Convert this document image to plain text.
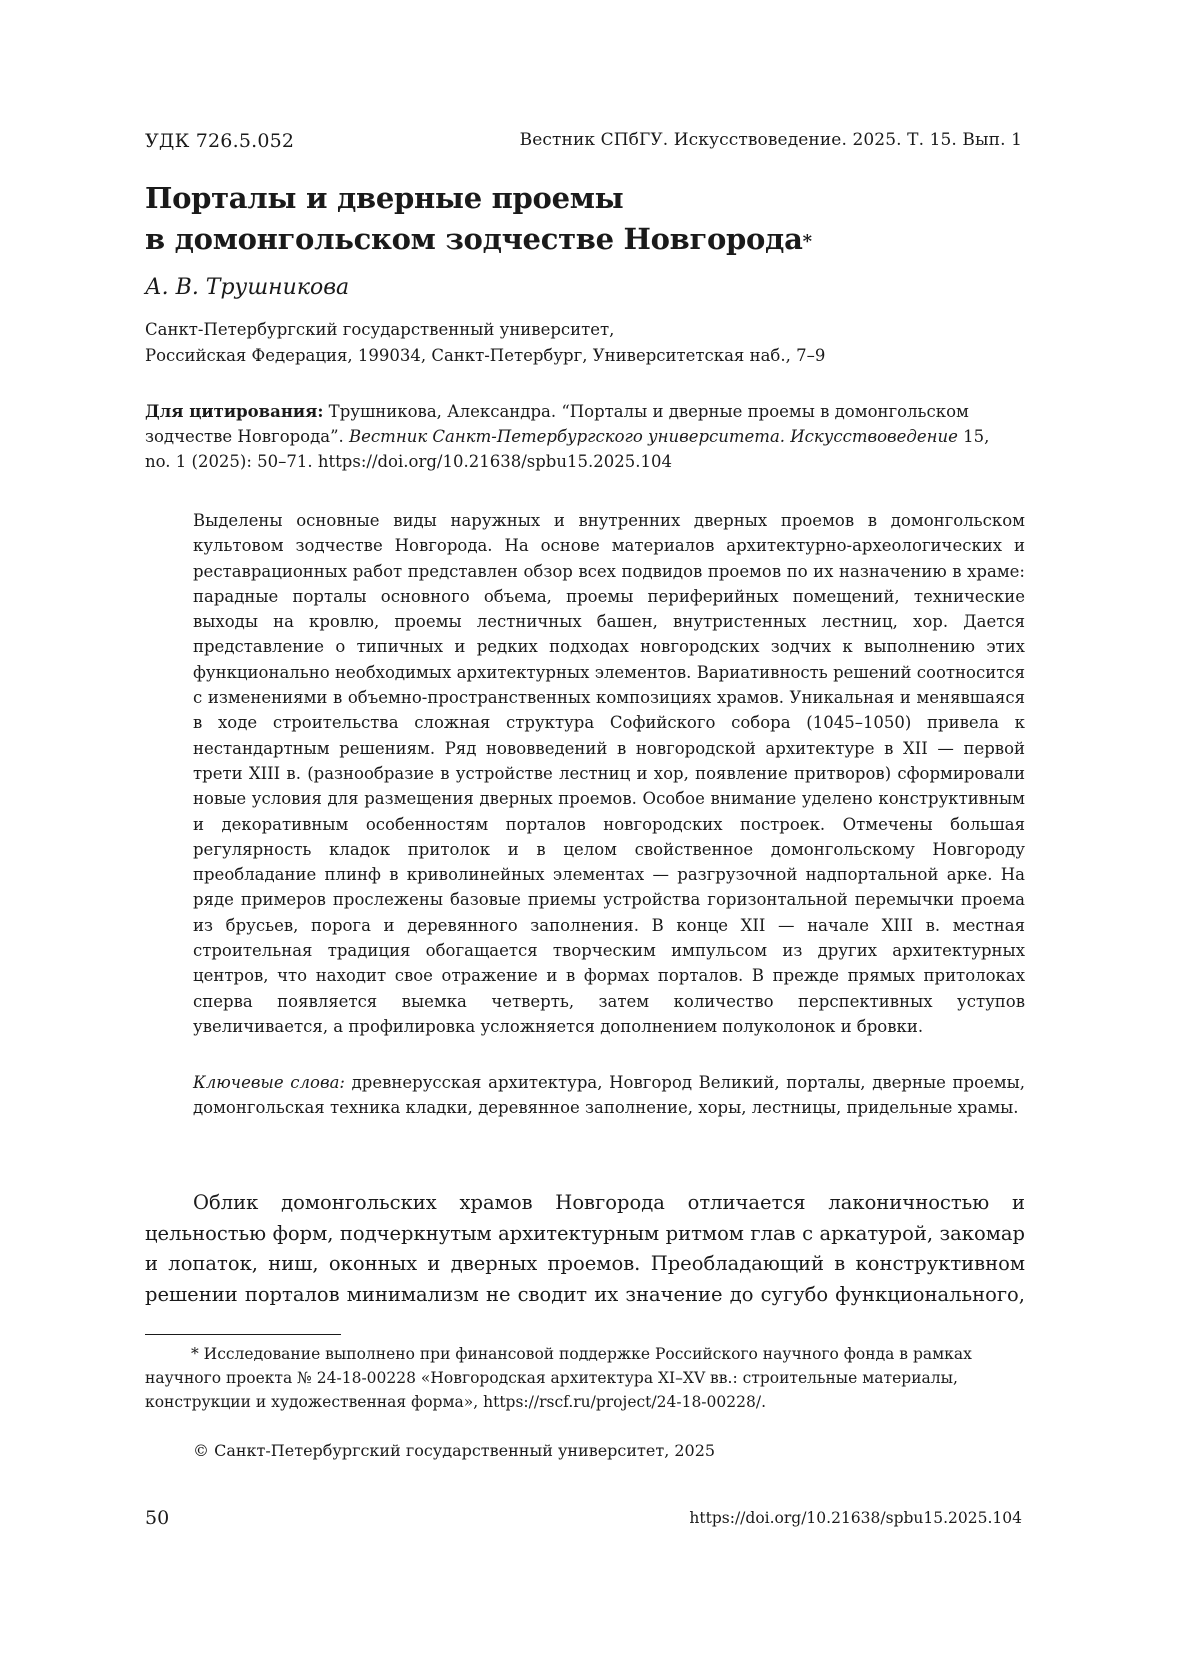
УДК 726.5.052	Вестник СПбГУ. Искусствоведение. 2025. Т. 15. Вып. 1
Порталы и дверные проемы
в домонгольском зодчестве Новгорода*
А. В. Трушникова
Санкт-Петербургский государственный университет,
Российская Федерация, 199034, Санкт-Петербург, Университетская наб., 7–9
Для цитирования: Трушникова, Александра. “Порталы и дверные проемы в домонгольском
зодчестве Новгорода”. Вестник Санкт-Петербургского университета. Искусствоведение 15,
no. 1 (2025): 50–71. https://doi.org/10.21638/spbu15.2025.104

Выделены основные виды наружных и внутренних дверных проемов в домонгольском культовом зодчестве Новгорода. На основе материалов архитектурно-археологических и реставрационных работ представлен обзор всех подвидов проемов по их назначению в храме: парадные порталы основного объема, проемы периферийных помещений, технические выходы на кровлю, проемы лестничных башен, внутристенных лестниц, хор. Дается представление о типичных и редких подходах новгородских зодчих к выполнению этих функционально необходимых архитектурных элементов. Вариативность решений соотносится с изменениями в объемно-пространственных композициях храмов. Уникальная и менявшаяся в ходе строительства сложная структура Софийского собора (1045–1050) привела к нестандартным решениям. Ряд нововведений в новгородской архитектуре в XII — первой трети XIII в. (разнообразие в устройстве лестниц и хор, появление притворов) сформировали новые условия для размещения дверных проемов. Особое внимание уделено конструктивным и декоративным особенностям порталов новгородских построек. Отмечены большая регулярность кладок притолок и в целом свойственное домонгольскому Новгороду преобладание плинф в криволинейных элементах — разгрузочной надпортальной арке. На ряде примеров прослежены базовые приемы устройства горизонтальной перемычки проема из брусьев, порога и деревянного заполнения. В конце XII — начале XIII в. местная строительная традиция обогащается творческим импульсом из других архитектурных центров, что находит свое отражение и в формах порталов. В прежде прямых притолоках сперва появляется выемка четверть, затем количество перспективных уступов увеличивается, а профилировка усложняется дополнением полуколонок и бровки.

Ключевые слова: древнерусская архитектура, Новгород Великий, порталы, дверные проемы, домонгольская техника кладки, деревянное заполнение, хоры, лестницы, придельные храмы.

Облик домонгольских храмов Новгорода отличается лаконичностью и цельностью форм, подчеркнутым архитектурным ритмом глав с аркатурой, закомар и лопаток, ниш, оконных и дверных проемов. Преобладающий в конструктивном решении порталов минимализм не сводит их значение до сугубо функционального,

* Исследование выполнено при финансовой поддержке Российского научного фонда в рамках
научного проекта № 24-18-00228 «Новгородская архитектура XI–XV вв.: строительные материалы,
конструкции и художественная форма», https://rscf.ru/project/24-18-00228/.
© Санкт-Петербургский государственный университет, 2025
50	https://doi.org/10.21638/spbu15.2025.104
